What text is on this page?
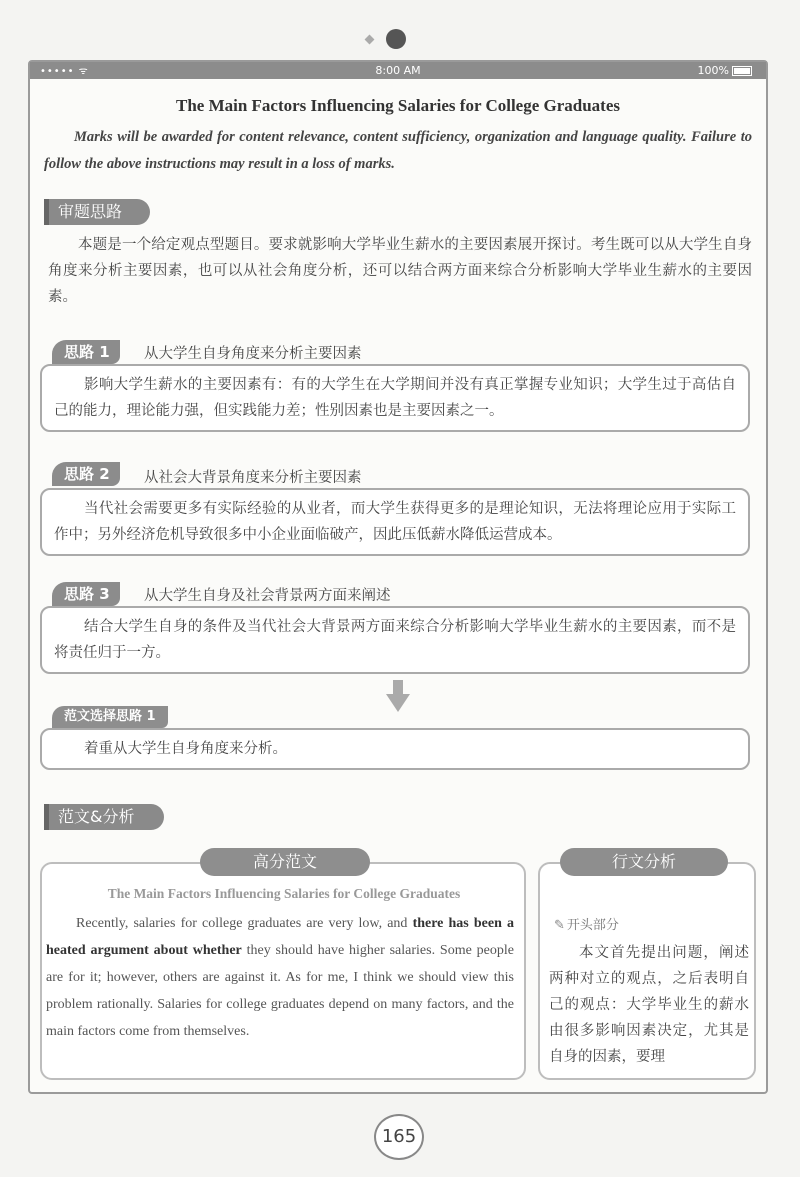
••••• ᯤ	8:00 AM	100%
The Main Factors Influencing Salaries for College Graduates
Marks will be awarded for content relevance, content sufficiency, organization and language quality. Failure to follow the above instructions may result in a loss of marks.
审题思路
本题是一个给定观点型题目。要求就影响大学毕业生薪水的主要因素展开探讨。考生既可以从大学生自身角度来分析主要因素，也可以从社会角度分析，还可以结合两方面来综合分析影响大学毕业生薪水的主要因素。
思路 1	从大学生自身角度来分析主要因素
影响大学生薪水的主要因素有：有的大学生在大学期间并没有真正掌握专业知识；大学生过于高估自己的能力，理论能力强，但实践能力差；性别因素也是主要因素之一。
思路 2	从社会大背景角度来分析主要因素
当代社会需要更多有实际经验的从业者，而大学生获得更多的是理论知识，无法将理论应用于实际工作中；另外经济危机导致很多中小企业面临破产，因此压低薪水降低运营成本。
思路 3	从大学生自身及社会背景两方面来阐述
结合大学生自身的条件及当代社会大背景两方面来综合分析影响大学毕业生薪水的主要因素，而不是将责任归于一方。
范文选择思路 1
着重从大学生自身角度来分析。
范文&分析
高分范文
The Main Factors Influencing Salaries for College Graduates
Recently, salaries for college graduates are very low, and there has been a heated argument about whether they should have higher salaries. Some people are for it; however, others are against it. As for me, I think we should view this problem rationally. Salaries for college graduates depend on many factors, and the main factors come from themselves.
行文分析
✎ 开头部分
本文首先提出问题，阐述两种对立的观点，之后表明自己的观点：大学毕业生的薪水由很多影响因素决定，尤其是自身的因素，要理
165
